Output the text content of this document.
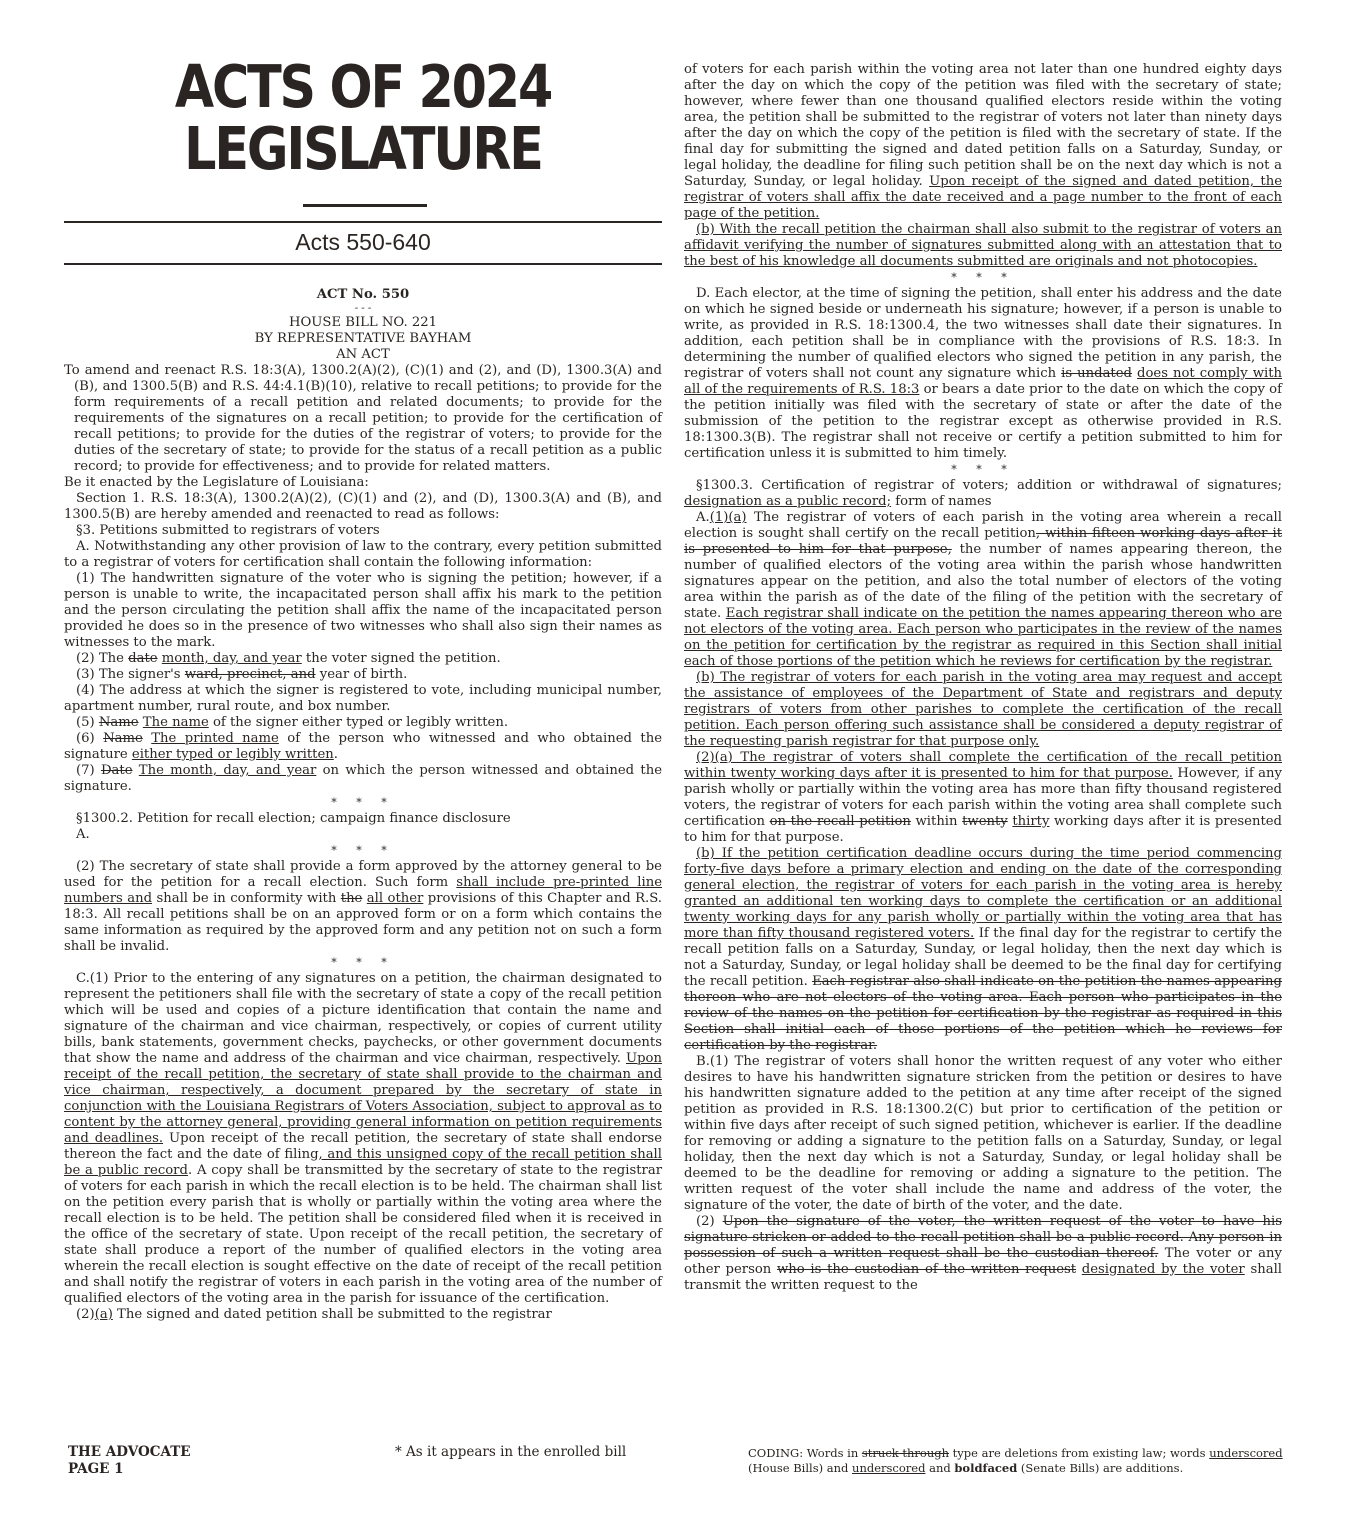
ACTS OF 2024
LEGISLATURE
Acts 550-640

ACT No. 550

- - -

HOUSE BILL NO. 221

BY REPRESENTATIVE BAYHAM

AN ACT

To amend and reenact R.S. 18:3(A), 1300.2(A)(2), (C)(1) and (2), and (D), 1300.3(A) and (B), and 1300.5(B) and R.S. 44:4.1(B)(10), relative to recall petitions; to provide for the form requirements of a recall petition and related documents; to provide for the requirements of the signatures on a recall petition; to provide for the certification of recall petitions; to provide for the duties of the registrar of voters; to provide for the duties of the secretary of state; to provide for the status of a recall petition as a public record; to provide for effectiveness; and to provide for related matters.

Be it enacted by the Legislature of Louisiana:

Section 1. R.S. 18:3(A), 1300.2(A)(2), (C)(1) and (2), and (D), 1300.3(A) and (B), and 1300.5(B) are hereby amended and reenacted to read as follows:

§3. Petitions submitted to registrars of voters

A. Notwithstanding any other provision of law to the contrary, every petition submitted to a registrar of voters for certification shall contain the following information:

(1) The handwritten signature of the voter who is signing the petition; however, if a person is unable to write, the incapacitated person shall affix his mark to the petition and the person circulating the petition shall affix the name of the incapacitated person provided he does so in the presence of two witnesses who shall also sign their names as witnesses to the mark.

(2) The date month, day, and year the voter signed the petition.

(3) The signer's ward, precinct, and year of birth.

(4) The address at which the signer is registered to vote, including municipal number, apartment number, rural route, and box number.

(5) Name The name of the signer either typed or legibly written.

(6) Name The printed name of the person who witnessed and who obtained the signature either typed or legibly written.

(7) Date The month, day, and year on which the person witnessed and obtained the signature.

* * *

§1300.2. Petition for recall election; campaign finance disclosure

A.

* * *

(2) The secretary of state shall provide a form approved by the attorney general to be used for the petition for a recall election. Such form shall include pre-printed line numbers and shall be in conformity with the all other provisions of this Chapter and R.S. 18:3. All recall petitions shall be on an approved form or on a form which contains the same information as required by the approved form and any petition not on such a form shall be invalid.

* * *

C.(1) Prior to the entering of any signatures on a petition, the chairman designated to represent the petitioners shall file with the secretary of state a copy of the recall petition which will be used and copies of a picture identification that contain the name and signature of the chairman and vice chairman, respectively, or copies of current utility bills, bank statements, government checks, paychecks, or other government documents that show the name and address of the chairman and vice chairman, respectively. Upon receipt of the recall petition, the secretary of state shall provide to the chairman and vice chairman, respectively, a document prepared by the secretary of state in conjunction with the Louisiana Registrars of Voters Association, subject to approval as to content by the attorney general, providing general information on petition requirements and deadlines. Upon receipt of the recall petition, the secretary of state shall endorse thereon the fact and the date of filing, and this unsigned copy of the recall petition shall be a public record. A copy shall be transmitted by the secretary of state to the registrar of voters for each parish in which the recall election is to be held. The chairman shall list on the petition every parish that is wholly or partially within the voting area where the recall election is to be held. The petition shall be considered filed when it is received in the office of the secretary of state. Upon receipt of the recall petition, the secretary of state shall produce a report of the number of qualified electors in the voting area wherein the recall election is sought effective on the date of receipt of the recall petition and shall notify the registrar of voters in each parish in the voting area of the number of qualified electors of the voting area in the parish for issuance of the certification.

(2)(a) The signed and dated petition shall be submitted to the registrar

of voters for each parish within the voting area not later than one hundred eighty days after the day on which the copy of the petition was filed with the secretary of state; however, where fewer than one thousand qualified electors reside within the voting area, the petition shall be submitted to the registrar of voters not later than ninety days after the day on which the copy of the petition is filed with the secretary of state. If the final day for submitting the signed and dated petition falls on a Saturday, Sunday, or legal holiday, the deadline for filing such petition shall be on the next day which is not a Saturday, Sunday, or legal holiday. Upon receipt of the signed and dated petition, the registrar of voters shall affix the date received and a page number to the front of each page of the petition.

(b) With the recall petition the chairman shall also submit to the registrar of voters an affidavit verifying the number of signatures submitted along with an attestation that to the best of his knowledge all documents submitted are originals and not photocopies.

* * *

D. Each elector, at the time of signing the petition, shall enter his address and the date on which he signed beside or underneath his signature; however, if a person is unable to write, as provided in R.S. 18:1300.4, the two witnesses shall date their signatures. In addition, each petition shall be in compliance with the provisions of R.S. 18:3. In determining the number of qualified electors who signed the petition in any parish, the registrar of voters shall not count any signature which is undated does not comply with all of the requirements of R.S. 18:3 or bears a date prior to the date on which the copy of the petition initially was filed with the secretary of state or after the date of the submission of the petition to the registrar except as otherwise provided in R.S. 18:1300.3(B). The registrar shall not receive or certify a petition submitted to him for certification unless it is submitted to him timely.

* * *

§1300.3. Certification of registrar of voters; addition or withdrawal of signatures; designation as a public record; form of names

A.(1)(a) The registrar of voters of each parish in the voting area wherein a recall election is sought shall certify on the recall petition, within fifteen working days after it is presented to him for that purpose, the number of names appearing thereon, the number of qualified electors of the voting area within the parish whose handwritten signatures appear on the petition, and also the total number of electors of the voting area within the parish as of the date of the filing of the petition with the secretary of state. Each registrar shall indicate on the petition the names appearing thereon who are not electors of the voting area. Each person who participates in the review of the names on the petition for certification by the registrar as required in this Section shall initial each of those portions of the petition which he reviews for certification by the registrar.

(b) The registrar of voters for each parish in the voting area may request and accept the assistance of employees of the Department of State and registrars and deputy registrars of voters from other parishes to complete the certification of the recall petition. Each person offering such assistance shall be considered a deputy registrar of the requesting parish registrar for that purpose only.

(2)(a) The registrar of voters shall complete the certification of the recall petition within twenty working days after it is presented to him for that purpose. However, if any parish wholly or partially within the voting area has more than fifty thousand registered voters, the registrar of voters for each parish within the voting area shall complete such certification on the recall petition within twenty thirty working days after it is presented to him for that purpose.

(b) If the petition certification deadline occurs during the time period commencing forty-five days before a primary election and ending on the date of the corresponding general election, the registrar of voters for each parish in the voting area is hereby granted an additional ten working days to complete the certification or an additional twenty working days for any parish wholly or partially within the voting area that has more than fifty thousand registered voters. If the final day for the registrar to certify the recall petition falls on a Saturday, Sunday, or legal holiday, then the next day which is not a Saturday, Sunday, or legal holiday shall be deemed to be the final day for certifying the recall petition. Each registrar also shall indicate on the petition the names appearing thereon who are not electors of the voting area. Each person who participates in the review of the names on the petition for certification by the registrar as required in this Section shall initial each of those portions of the petition which he reviews for certification by the registrar.

B.(1) The registrar of voters shall honor the written request of any voter who either desires to have his handwritten signature stricken from the petition or desires to have his handwritten signature added to the petition at any time after receipt of the signed petition as provided in R.S. 18:1300.2(C) but prior to certification of the petition or within five days after receipt of such signed petition, whichever is earlier. If the deadline for removing or adding a signature to the petition falls on a Saturday, Sunday, or legal holiday, then the next day which is not a Saturday, Sunday, or legal holiday shall be deemed to be the deadline for removing or adding a signature to the petition. The written request of the voter shall include the name and address of the voter, the signature of the voter, the date of birth of the voter, and the date.

(2) Upon the signature of the voter, the written request of the voter to have his signature stricken or added to the recall petition shall be a public record. Any person in possession of such a written request shall be the custodian thereof. The voter or any other person who is the custodian of the written request designated by the voter shall transmit the written request to the

THE ADVOCATE
PAGE 1
* As it appears in the enrolled bill	CODING: Words in struck through type are deletions from existing law; words underscored (House Bills) and underscored and boldfaced (Senate Bills) are additions.
